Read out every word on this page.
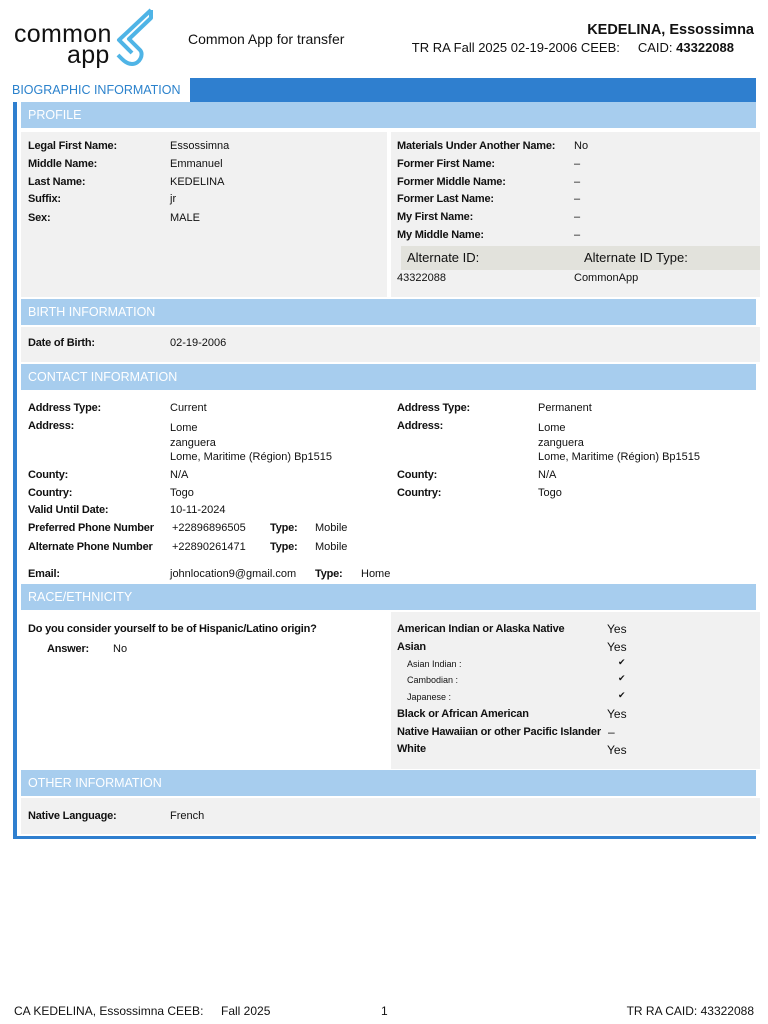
common
app
Common App for transfer
KEDELINA, Essossimna
TR RA Fall 2025 02-19-2006 CEEB: CAID: 43322088
BIOGRAPHIC INFORMATION
PROFILE
Legal First Name:	Essossimna
Middle Name:	Emmanuel
Last Name:	KEDELINA
Suffix:	jr
Sex:	MALE
Materials Under Another Name: No
Former First Name:	–
Former Middle Name:	–
Former Last Name:	–
My First Name:	–
My Middle Name:	–
Alternate ID:	Alternate ID Type:
43322088	CommonApp
BIRTH INFORMATION
Date of Birth:	02-19-2006
CONTACT INFORMATION
Address Type:	Current
Address:	Lome
zanguera
Lome, Maritime (Région) Bp1515
County:	N/A
Country:	Togo
Valid Until Date:	10-11-2024
Preferred Phone Number +22896896505 Type: Mobile
Alternate Phone Number +22890261471 Type: Mobile
Email:	johnlocation9@gmail.com Type: Home
Address Type:	Permanent
Address:	Lome
zanguera
Lome, Maritime (Région) Bp1515
County:	N/A
Country:	Togo
RACE/ETHNICITY
Do you consider yourself to be of Hispanic/Latino origin?
Answer: No
American Indian or Alaska Native	Yes
Asian	Yes
Asian Indian :	✔
Cambodian :	✔
Japanese :	✔
Black or African American	Yes
Native Hawaiian or other Pacific Islander –
White	Yes
OTHER INFORMATION
Native Language:	French
CA KEDELINA, Essossimna CEEB: Fall 2025	1	TR RA CAID: 43322088
